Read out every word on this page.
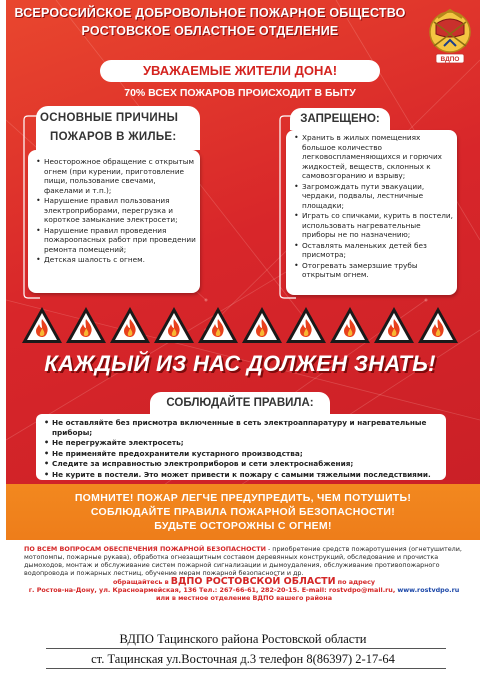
ВСЕРОССИЙСКОЕ ДОБРОВОЛЬНОЕ ПОЖАРНОЕ ОБЩЕСТВО
РОСТОВСКОЕ ОБЛАСТНОЕ ОТДЕЛЕНИЕ
ВДПО
УВАЖАЕМЫЕ ЖИТЕЛИ ДОНА!
70% ВСЕХ ПОЖАРОВ ПРОИСХОДИТ В БЫТУ
ОСНОВНЫЕ ПРИЧИНЫ
ПОЖАРОВ В ЖИЛЬЕ:
• Неосторожное обращение с открытым огнем (при курении, приготовление пищи, пользование свечами, факелами и т.п.);
• Нарушение правил пользования электроприборами, перегрузка и короткое замыкание электросети;
• Нарушение правил проведения пожароопасных работ при проведении ремонта помещений;
• Детская шалость с огнем.
ЗАПРЕЩЕНО:
• Хранить в жилых помещениях большое количество легковоспламеняющихся и горючих жидкостей, веществ, склонных к самовозгоранию и взрыву;
• Загромождать пути эвакуации, чердаки, подвалы, лестничные площадки;
• Играть со спичками, курить в постели, использовать нагревательные приборы не по назначению;
• Оставлять маленьких детей без присмотра;
• Отогревать замерзшие трубы открытым огнем.
КАЖДЫЙ ИЗ НАС ДОЛЖЕН ЗНАТЬ!
СОБЛЮДАЙТЕ ПРАВИЛА:
• Не оставляйте без присмотра включенные в сеть электроаппаратуру и нагревательные приборы;
• Не перегружайте электросеть;
• Не применяйте предохранители кустарного производства;
• Следите за исправностью электроприборов и сети электроснабжения;
• Не курите в постели. Это может привести к пожару с самыми тяжелыми последствиями.
ПОМНИТЕ! ПОЖАР ЛЕГЧЕ ПРЕДУПРЕДИТЬ, ЧЕМ ПОТУШИТЬ!
СОБЛЮДАЙТЕ ПРАВИЛА ПОЖАРНОЙ БЕЗОПАСНОСТИ!
БУДЬТЕ ОСТОРОЖНЫ С ОГНЕМ!
ПО ВСЕМ ВОПРОСАМ ОБЕСПЕЧЕНИЯ ПОЖАРНОЙ БЕЗОПАСНОСТИ - приобретение средств пожаротушения (огнетушители, мотопомпы, пожарные рукава), обработка огнезащитным составом деревянных конструкций, обследование и прочистка дымоходов, монтаж и обслуживание систем пожарной сигнализации и дымоудаления, обслуживание противопожарного водопровода и пожарных лестниц, обучение мерам пожарной безопасности и др.
обращайтесь в ВДПО РОСТОВСКОЙ ОБЛАСТИ по адресу
г. Ростов-на-Дону, ул. Красноармейская, 136 Тел.: 267-66-61, 282-20-15. E-mail: rostvdpo@mail.ru, www.rostvdpo.ru
или в местное отделение ВДПО вашего района
ВДПО Тацинского района Ростовской области
ст. Тацинская ул.Восточная д.3 телефон 8(86397) 2-17-64
